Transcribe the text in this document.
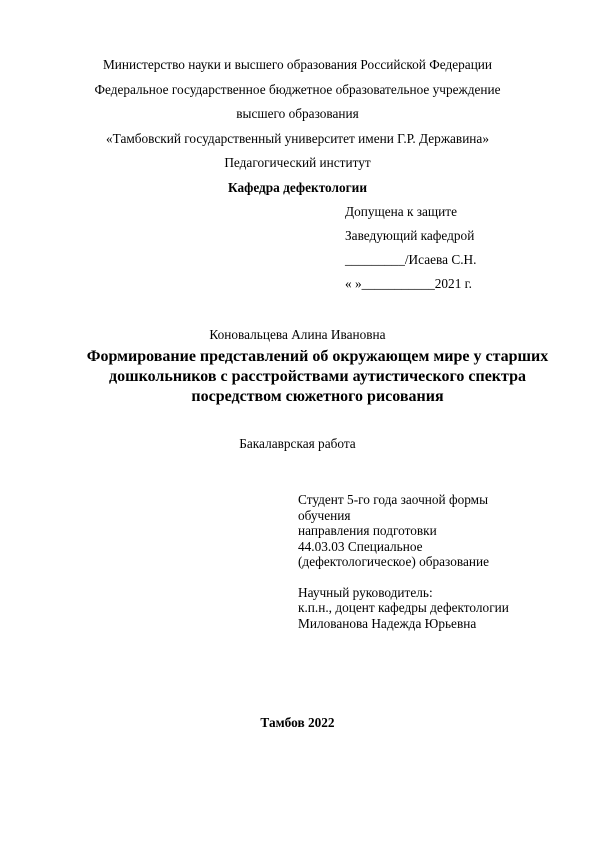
Министерство науки и высшего образования Российской Федерации
Федеральное государственное бюджетное образовательное учреждение
высшего образования
«Тамбовский государственный университет имени Г.Р. Державина»
Педагогический институт
Кафедра дефектологии
Допущена к защите
Заведующий кафедрой
_________/Исаева С.Н.
« »___________2021 г.
Коновальцева Алина Ивановна
Формирование представлений об окружающем мире у старших
дошкольников с расстройствами аутистического спектра
посредством сюжетного рисования
Бакалаврская работа
Студент 5-го года заочной формы
обучения
направления подготовки
44.03.03 Специальное
(дефектологическое) образование
Научный руководитель:
к.п.н., доцент кафедры дефектологии
Милованова Надежда Юрьевна
Тамбов 2022
